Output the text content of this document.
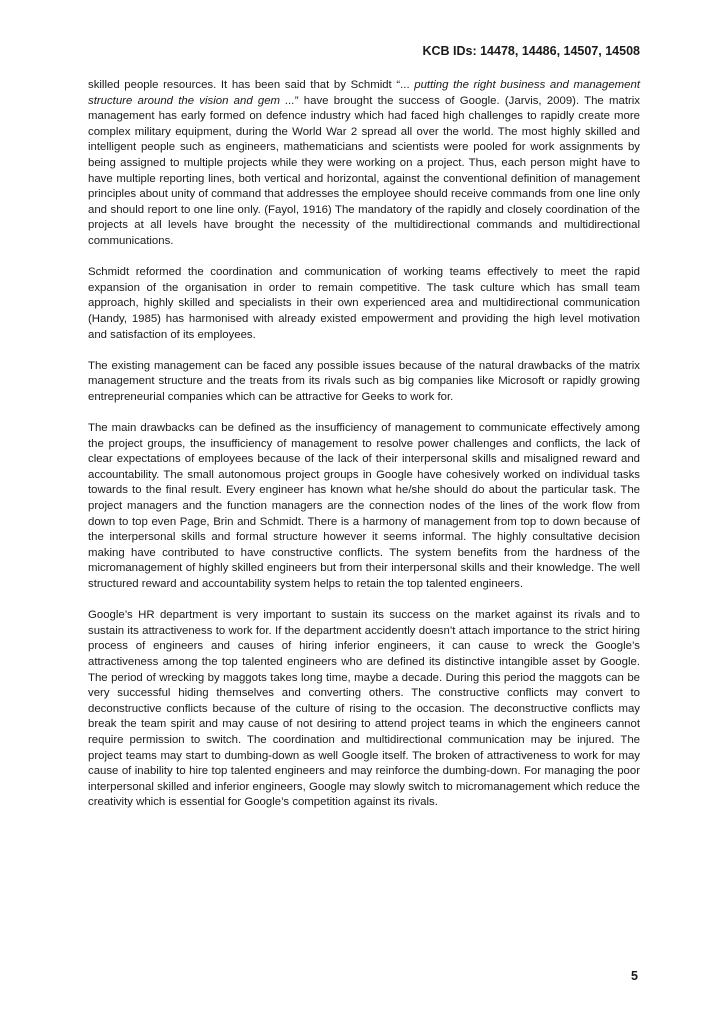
KCB IDs: 14478, 14486, 14507, 14508

skilled people resources. It has been said that by Schmidt “... putting the right business and management structure around the vision and gem ...” have brought the success of Google. (Jarvis, 2009). The matrix management has early formed on defence industry which had faced high challenges to rapidly create more complex military equipment, during the World War 2 spread all over the world. The most highly skilled and intelligent people such as engineers, mathematicians and scientists were pooled for work assignments by being assigned to multiple projects while they were working on a project. Thus, each person might have to have multiple reporting lines, both vertical and horizontal, against the conventional definition of management principles about unity of command that addresses the employee should receive commands from one line only and should report to one line only. (Fayol, 1916) The mandatory of the rapidly and closely coordination of the projects at all levels have brought the necessity of the multidirectional commands and multidirectional communications.

Schmidt reformed the coordination and communication of working teams effectively to meet the rapid expansion of the organisation in order to remain competitive. The task culture which has small team approach, highly skilled and specialists in their own experienced area and multidirectional communication (Handy, 1985) has harmonised with already existed empowerment and providing the high level motivation and satisfaction of its employees.

The existing management can be faced any possible issues because of the natural drawbacks of the matrix management structure and the treats from its rivals such as big companies like Microsoft or rapidly growing entrepreneurial companies which can be attractive for Geeks to work for.

The main drawbacks can be defined as the insufficiency of management to communicate effectively among the project groups, the insufficiency of management to resolve power challenges and conflicts, the lack of clear expectations of employees because of the lack of their interpersonal skills and misaligned reward and accountability. The small autonomous project groups in Google have cohesively worked on individual tasks towards to the final result. Every engineer has known what he/she should do about the particular task. The project managers and the function managers are the connection nodes of the lines of the work flow from down to top even Page, Brin and Schmidt. There is a harmony of management from top to down because of the interpersonal skills and formal structure however it seems informal. The highly consultative decision making have contributed to have constructive conflicts. The system benefits from the hardness of the micromanagement of highly skilled engineers but from their interpersonal skills and their knowledge. The well structured reward and accountability system helps to retain the top talented engineers.

Google’s HR department is very important to sustain its success on the market against its rivals and to sustain its attractiveness to work for. If the department accidently doesn’t attach importance to the strict hiring process of engineers and causes of hiring inferior engineers, it can cause to wreck the Google’s attractiveness among the top talented engineers who are defined its distinctive intangible asset by Google. The period of wrecking by maggots takes long time, maybe a decade. During this period the maggots can be very successful hiding themselves and converting others. The constructive conflicts may convert to deconstructive conflicts because of the culture of rising to the occasion. The deconstructive conflicts may break the team spirit and may cause of not desiring to attend project teams in which the engineers cannot require permission to switch. The coordination and multidirectional communication may be injured. The project teams may start to dumbing-down as well Google itself. The broken of attractiveness to work for may cause of inability to hire top talented engineers and may reinforce the dumbing-down. For managing the poor interpersonal skilled and inferior engineers, Google may slowly switch to micromanagement which reduce the creativity which is essential for Google’s competition against its rivals.

5
